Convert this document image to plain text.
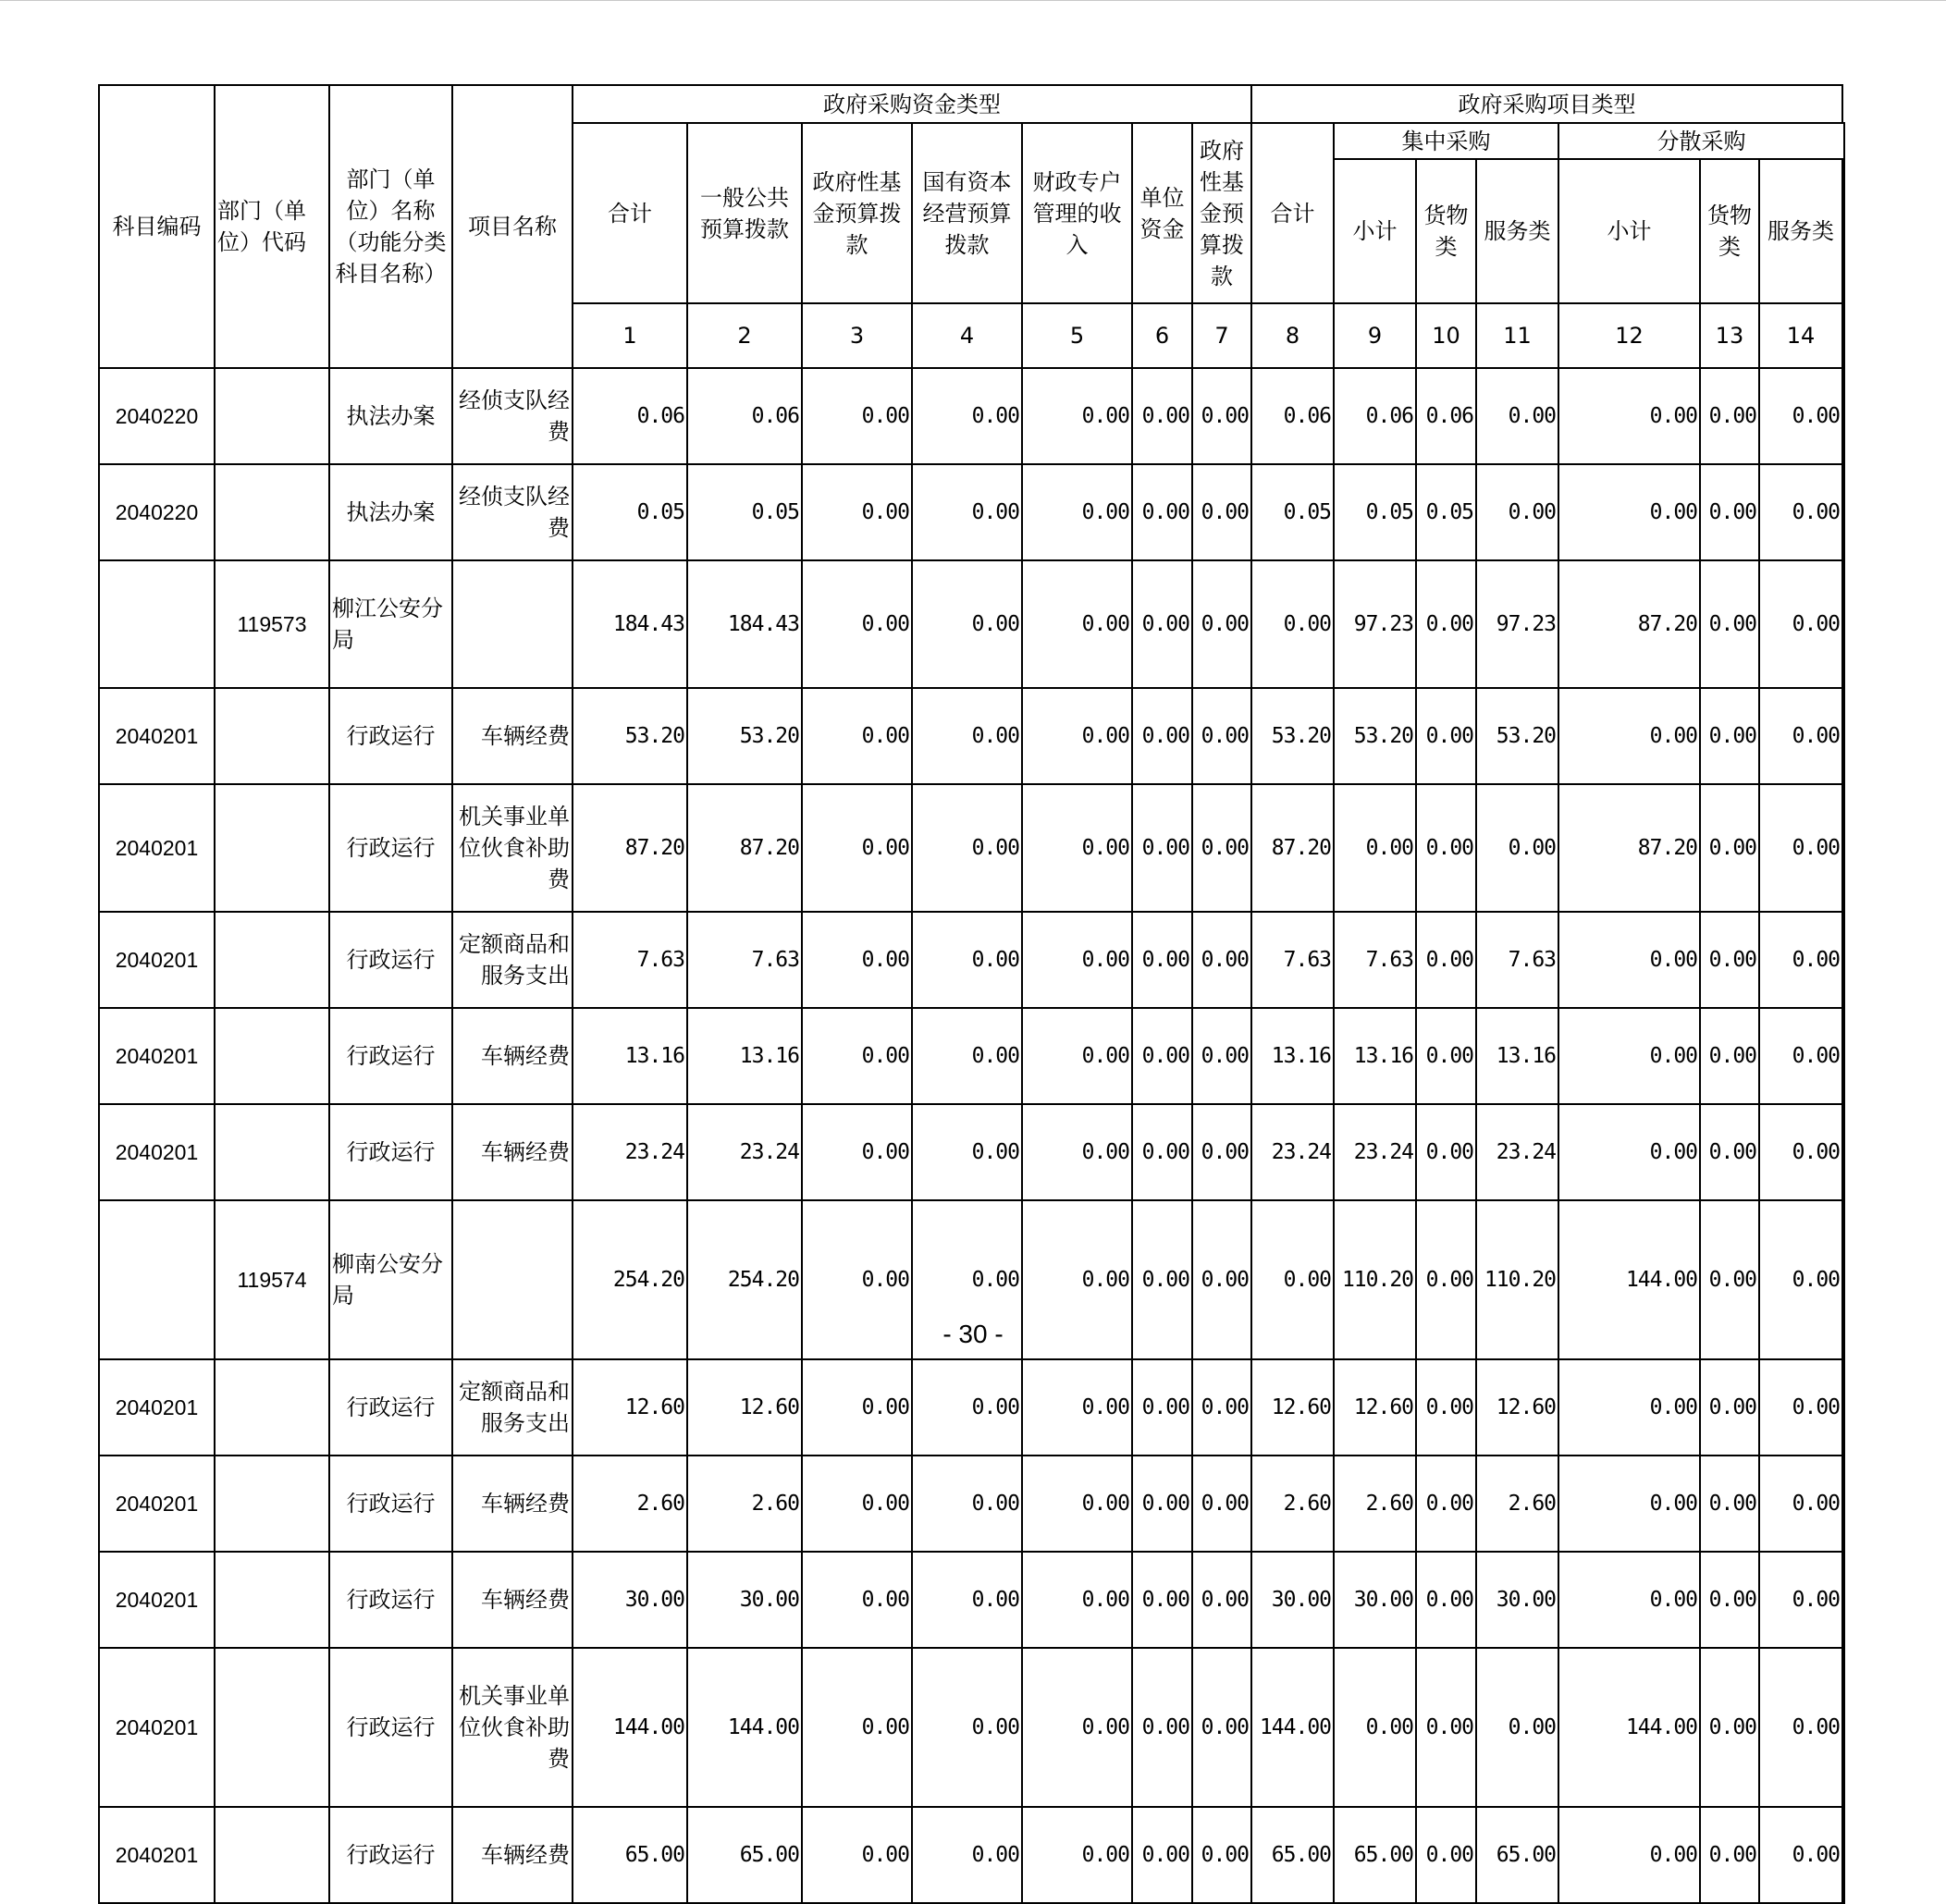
科目编码	部门（单位）代码	部门（单位）名称（功能分类科目名称）	项目名称	政府采购资金类型							政府采购项目类型							
				合计	一般公共预算拨款	政府性基金预算拨款	国有资本经营预算拨款	财政专户管理的收入	单位资金	政府性基金预算拨款	合计	集中采购			分散采购			
												小计	货物类	服务类	小计	货物类	服务类	
				1	2	3	4	5	6	7	8	9	10	11	12	13	14	
2040220		执法办案	经侦支队经费	0.06	0.06	0.00	0.00	0.00	0.00	0.00	0.06	0.06	0.06	0.00	0.00	0.00	0.00	
2040220		执法办案	经侦支队经费	0.05	0.05	0.00	0.00	0.00	0.00	0.00	0.05	0.05	0.05	0.00	0.00	0.00	0.00	
	119573	柳江公安分局		184.43	184.43	0.00	0.00	0.00	0.00	0.00	0.00	97.23	0.00	97.23	87.20	0.00	0.00	
2040201		行政运行	车辆经费	53.20	53.20	0.00	0.00	0.00	0.00	0.00	53.20	53.20	0.00	53.20	0.00	0.00	0.00	
2040201		行政运行	机关事业单位伙食补助费	87.20	87.20	0.00	0.00	0.00	0.00	0.00	87.20	0.00	0.00	0.00	87.20	0.00	0.00	
2040201		行政运行	定额商品和服务支出	7.63	7.63	0.00	0.00	0.00	0.00	0.00	7.63	7.63	0.00	7.63	0.00	0.00	0.00	
2040201		行政运行	车辆经费	13.16	13.16	0.00	0.00	0.00	0.00	0.00	13.16	13.16	0.00	13.16	0.00	0.00	0.00	
2040201		行政运行	车辆经费	23.24	23.24	0.00	0.00	0.00	0.00	0.00	23.24	23.24	0.00	23.24	0.00	0.00	0.00	
	119574	柳南公安分局		254.20	254.20	0.00	0.00	0.00	0.00	0.00	0.00	110.20	0.00	110.20	144.00	0.00	0.00	
2040201		行政运行	定额商品和服务支出	12.60	12.60	0.00	0.00	0.00	0.00	0.00	12.60	12.60	0.00	12.60	0.00	0.00	0.00	
2040201		行政运行	车辆经费	2.60	2.60	0.00	0.00	0.00	0.00	0.00	2.60	2.60	0.00	2.60	0.00	0.00	0.00	
2040201		行政运行	车辆经费	30.00	30.00	0.00	0.00	0.00	0.00	0.00	30.00	30.00	0.00	30.00	0.00	0.00	0.00	
2040201		行政运行	机关事业单位伙食补助费	144.00	144.00	0.00	0.00	0.00	0.00	0.00	144.00	0.00	0.00	0.00	144.00	0.00	0.00	
2040201		行政运行	车辆经费	65.00	65.00	0.00	0.00	0.00	0.00	0.00	65.00	65.00	0.00	65.00	0.00	0.00	0.00	
- 30 -
